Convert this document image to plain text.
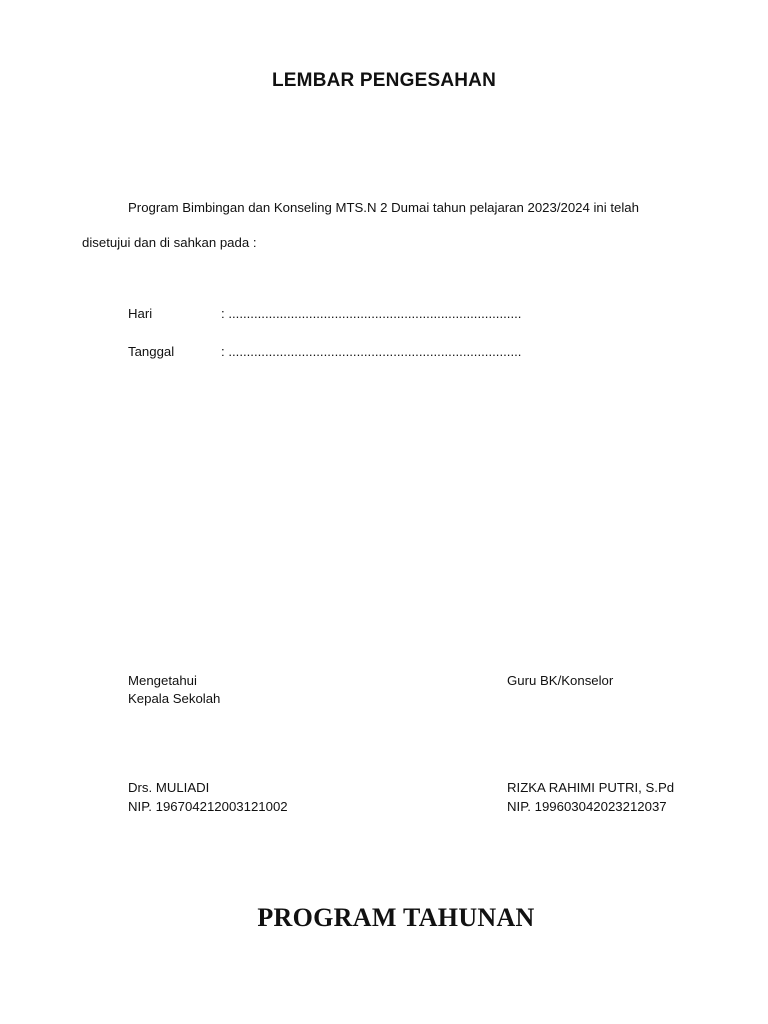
LEMBAR PENGESAHAN
Program Bimbingan dan Konseling MTS.N 2 Dumai tahun pelajaran 2023/2024 ini telah
disetujui dan di sahkan pada :
Hari	: ................................................................................
Tanggal	: ................................................................................
Mengetahui
Kepala Sekolah
Guru BK/Konselor
Drs. MULIADI
NIP. 196704212003121002
RIZKA RAHIMI PUTRI, S.Pd
NIP. 199603042023212037
PROGRAM TAHUNAN
